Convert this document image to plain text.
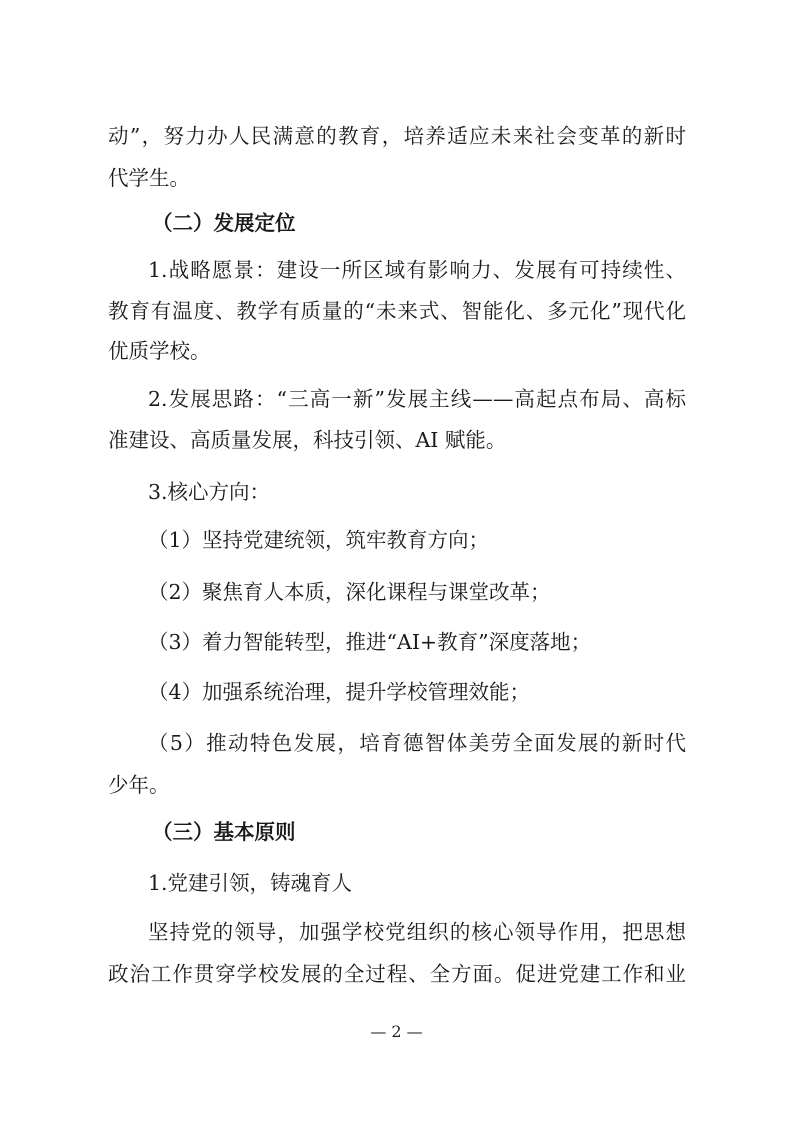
动”，努力办人民满意的教育，培养适应未来社会变革的新时
代学生。
（二）发展定位
1.战略愿景：建设一所区域有影响力、发展有可持续性、
教育有温度、教学有质量的“未来式、智能化、多元化”现代化
优质学校。
2.发展思路：“三高一新”发展主线——高起点布局、高标
准建设、高质量发展，科技引领、AI 赋能。
3.核心方向：
（1）坚持党建统领，筑牢教育方向；
（2）聚焦育人本质，深化课程与课堂改革；
（3）着力智能转型，推进“AI+教育”深度落地；
（4）加强系统治理，提升学校管理效能；
（5）推动特色发展，培育德智体美劳全面发展的新时代
少年。
（三）基本原则
1.党建引领，铸魂育人
坚持党的领导，加强学校党组织的核心领导作用，把思想
政治工作贯穿学校发展的全过程、全方面。促进党建工作和业
— 2 —
